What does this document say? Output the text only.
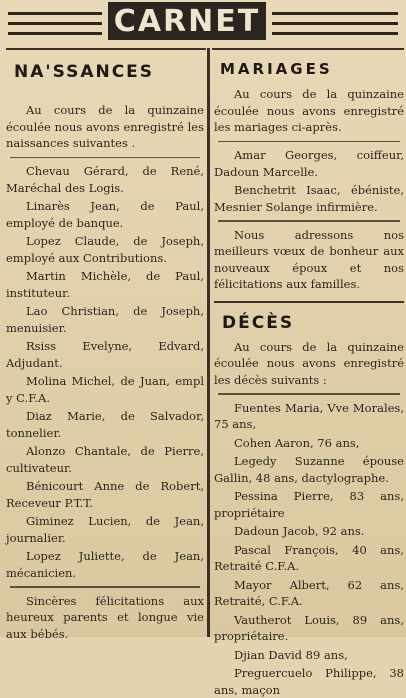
CARNET
NA'SSANCES

Au cours de la quinzaine écoulée nous avons enregistré les naissances suivantes .

Chevau Gérard, de René, Maréchal des Logis.

Linarès Jean, de Paul, employé de banque.

Lopez Claude, de Joseph, employé aux Contributions.

Martin Michèle, de Paul, instituteur.

Lao Christian, de Joseph, menuisier.

Rsiss Evelyne, Edvard, Adjudant.

Molina Michel, de Juan, empl y C.F.A.

Diaz Marie, de Salvador, tonnelier.

Alonzo Chantale, de Pierre, cultivateur.

Bénicourt Anne de Robert, Receveur P.T.T.

Giminez Lucien, de Jean, journalier.

Lopez Juliette, de Jean, mécanicien.

Sincères félicitations aux heureux parents et longue vie aux bébés.

MARIAGES

Au cours de la quinzaine écoulée nous avons enregistré les mariages ci-après.

Amar Georges, coiffeur, Dadoun Marcelle.

Benchetrit Isaac, ébéniste, Mesnier Solange infirmière.

Nous adressons nos meilleurs vœux de bonheur aux nouveaux époux et nos félicitations aux familles.

DÉCÈS

Au cours de la quinzaine écoulée nous avons enregistré les décès suivants :

Fuentes Maria, Vve Morales, 75 ans,

Cohen Aaron, 76 ans,

Legedy Suzanne épouse Gallin, 48 ans, dactylographe.

Pessina Pierre, 83 ans, propriétaire

Dadoun Jacob, 92 ans.

Pascal François, 40 ans, Retraité C.F.A.

Mayor Albert, 62 ans, Retraité, C.F.A.

Vautherot Louis, 89 ans, propriétaire.

Djian David 89 ans,

Preguercuelo Philippe, 38 ans, maçon
